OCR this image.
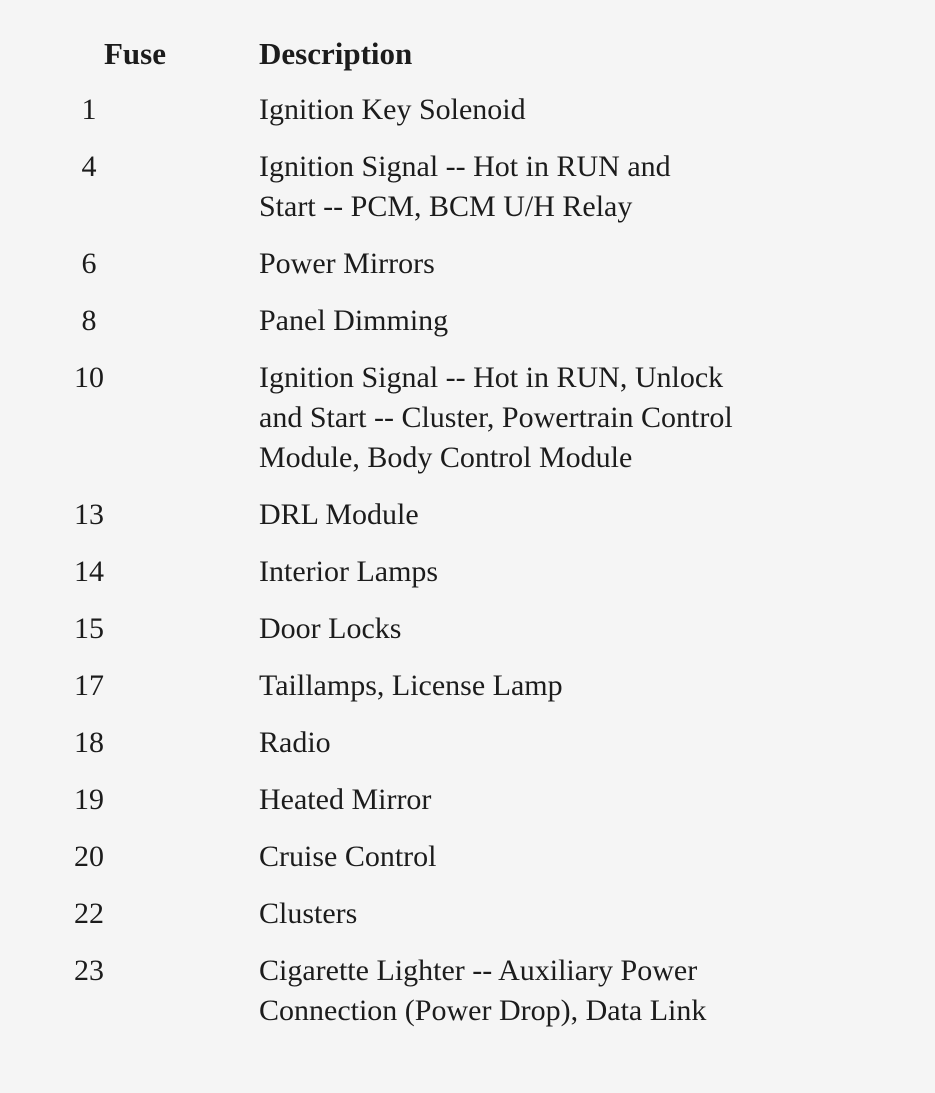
Fuse	Description
1	Ignition Key Solenoid
4	Ignition Signal -- Hot in RUN and
Start -- PCM, BCM U/H Relay
6	Power Mirrors
8	Panel Dimming
10	Ignition Signal -- Hot in RUN, Unlock
and Start -- Cluster, Powertrain Control
Module, Body Control Module
13	DRL Module
14	Interior Lamps
15	Door Locks
17	Taillamps, License Lamp
18	Radio
19	Heated Mirror
20	Cruise Control
22	Clusters
23	Cigarette Lighter -- Auxiliary Power
Connection (Power Drop), Data Link
